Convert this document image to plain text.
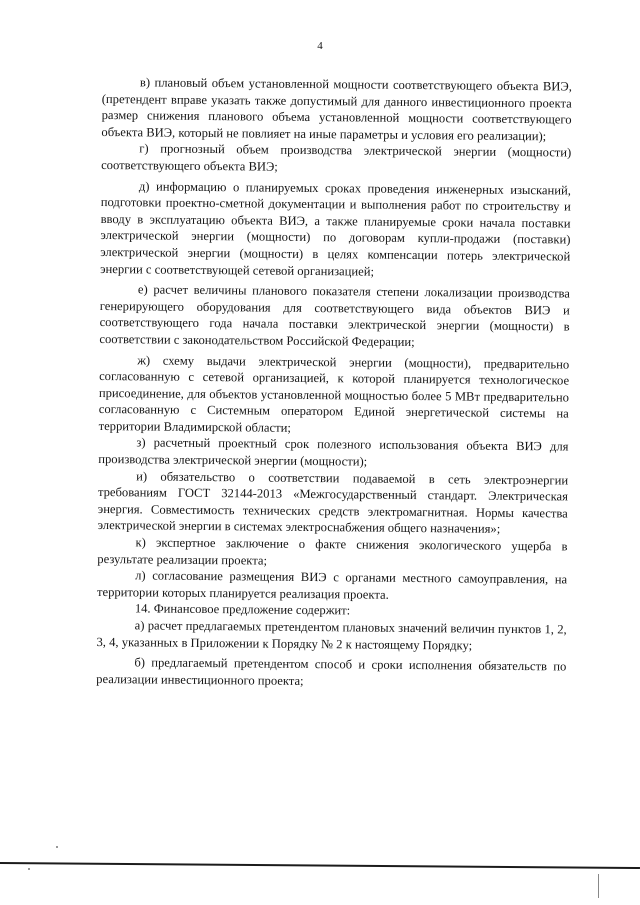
4

в) плановый объем установленной мощности соответствующего объекта ВИЭ, (претендент вправе указать также допустимый для данного инвестиционного проекта размер снижения планового объема установленной мощности соответствующего объекта ВИЭ, который не повлияет на иные параметры и условия его реализации);

г) прогнозный объем производства электрической энергии (мощности) соответствующего объекта ВИЭ;

д) информацию о планируемых сроках проведения инженерных изысканий, подготовки проектно-сметной документации и выполнения работ по строительству и вводу в эксплуатацию объекта ВИЭ, а также планируемые сроки начала поставки электрической энергии (мощности) по договорам купли-продажи (поставки) электрической энергии (мощности) в целях компенсации потерь электрической энергии с соответствующей сетевой организацией;

е) расчет величины планового показателя степени локализации производства генерирующего оборудования для соответствующего вида объектов ВИЭ и соответствующего года начала поставки электрической энергии (мощности) в соответствии с законодательством Российской Федерации;

ж) схему выдачи электрической энергии (мощности), предварительно согласованную с сетевой организацией, к которой планируется технологическое присоединение, для объектов установленной мощностью более 5 МВт предварительно согласованную с Системным оператором Единой энергетической системы на территории Владимирской области;

з) расчетный проектный срок полезного использования объекта ВИЭ для производства электрической энергии (мощности);

и) обязательство о соответствии подаваемой в сеть электроэнергии требованиям ГОСТ 32144-2013 «Межгосударственный стандарт. Электрическая энергия. Совместимость технических средств электромагнитная. Нормы качества электрической энергии в системах электроснабжения общего назначения»;

к) экспертное заключение о факте снижения экологического ущерба в результате реализации проекта;

л) согласование размещения ВИЭ с органами местного самоуправления, на территории которых планируется реализация проекта.

14. Финансовое предложение содержит:

а) расчет предлагаемых претендентом плановых значений величин пунктов 1, 2, 3, 4, указанных в Приложении к Порядку № 2 к настоящему Порядку;

б) предлагаемый претендентом способ и сроки исполнения обязательств по реализации инвестиционного проекта;
